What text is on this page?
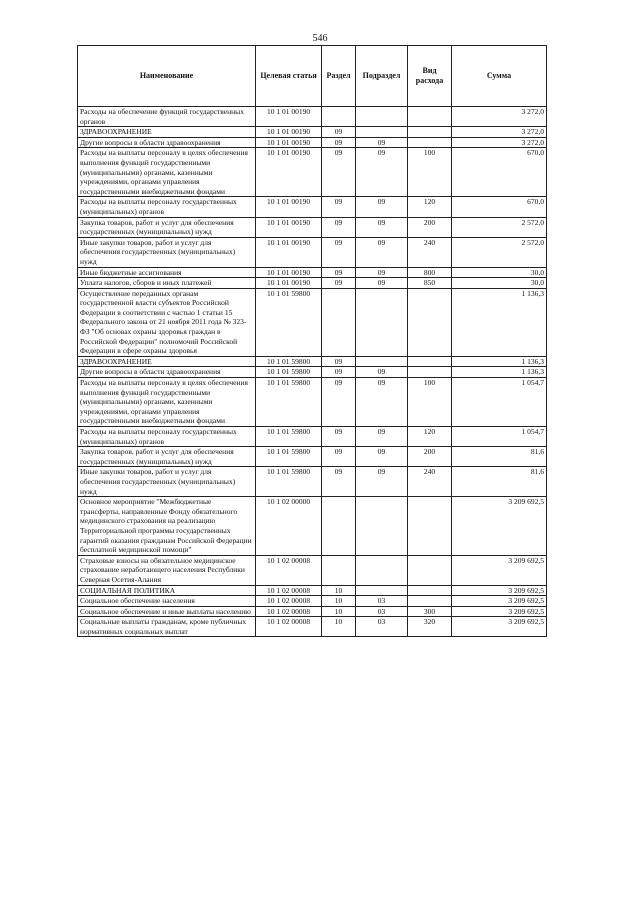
546
Наименование	Целевая статья	Раздел	Подраздел	Вид расхода	Сумма
Расходы на обеспечение функций государственных органов	10 1 01 00190				3 272,0
ЗДРАВООХРАНЕНИЕ	10 1 01 00190	09			3 272,0
Другие вопросы в области здравоохранения	10 1 01 00190	09	09		3 272,0
Расходы на выплаты персоналу в целях обеспечения выполнения функций государственными (муниципальными) органами, казенными учреждениями, органами управления государственными внебюджетными фондами	10 1 01 00190	09	09	100	670,0
Расходы на выплаты персоналу государственных (муниципальных) органов	10 1 01 00190	09	09	120	670,0
Закупка товаров, работ и услуг для обеспечения государственных (муниципальных) нужд	10 1 01 00190	09	09	200	2 572,0
Иные закупки товаров, работ и услуг для обеспечения государственных (муниципальных) нужд	10 1 01 00190	09	09	240	2 572,0
Иные бюджетные ассигнования	10 1 01 00190	09	09	800	30,0
Уплата налогов, сборов и иных платежей	10 1 01 00190	09	09	850	30,0
Осуществление переданных органам государственной власти субъектов Российской Федерации в соответствии с частью 1 статьи 15 Федерального закона от 21 ноября 2011 года № 323-ФЗ "Об основах охраны здоровья граждан в Российской Федерации" полномочий Российской Федерации в сфере охраны здоровья	10 1 01 59800				1 136,3
ЗДРАВООХРАНЕНИЕ	10 1 01 59800	09			1 136,3
Другие вопросы в области здравоохранения	10 1 01 59800	09	09		1 136,3
Расходы на выплаты персоналу в целях обеспечения выполнения функций государственными (муниципальными) органами, казенными учреждениями, органами управления государственными внебюджетными фондами	10 1 01 59800	09	09	100	1 054,7
Расходы на выплаты персоналу государственных (муниципальных) органов	10 1 01 59800	09	09	120	1 054,7
Закупка товаров, работ и услуг для обеспечения государственных (муниципальных) нужд	10 1 01 59800	09	09	200	81,6
Иные закупки товаров, работ и услуг для обеспечения государственных (муниципальных) нужд	10 1 01 59800	09	09	240	81,6
Основное мероприятие "Межбюджетные трансферты, направленные Фонду обязательного медицинского страхования на реализацию Территориальной программы государственных гарантий оказания гражданам Российской Федерации бесплатной медицинской помощи"	10 1 02 00000				3 209 692,5
Страховые взносы на обязательное медицинское страхование неработающего населения Республики Северная Осетия-Алания	10 1 02 00008				3 209 692,5
СОЦИАЛЬНАЯ ПОЛИТИКА	10 1 02 00008	10			3 209 692,5
Социальное обеспечение населения	10 1 02 00008	10	03		3 209 692,5
Социальное обеспечение и иные выплаты населению	10 1 02 00008	10	03	300	3 209 692,5
Социальные выплаты гражданам, кроме публичных нормативных социальных выплат	10 1 02 00008	10	03	320	3 209 692,5
